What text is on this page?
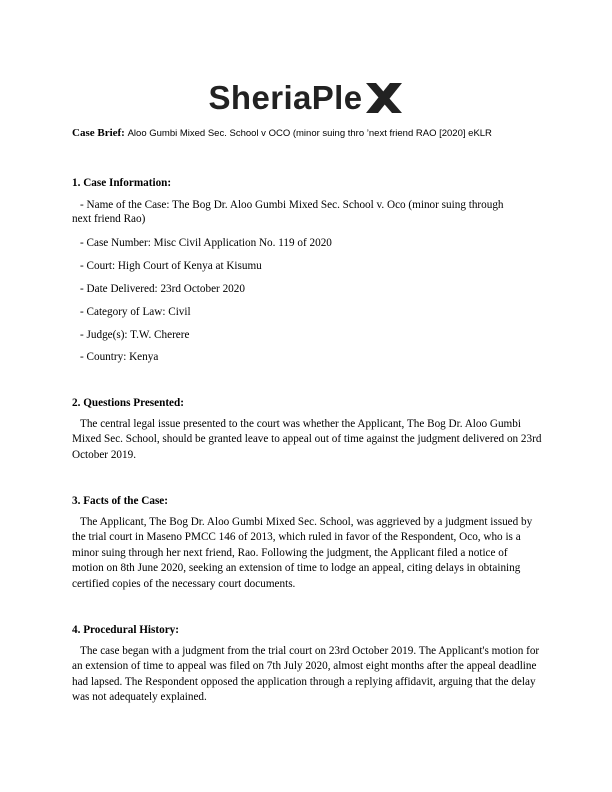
SheriaPle
Case Brief: Aloo Gumbi Mixed Sec. School v OCO (minor suing thro ’next friend RAO [2020] eKLR
1. Case Information:

- Name of the Case: The Bog Dr. Aloo Gumbi Mixed Sec. School v. Oco (minor suing through

next friend Rao)

- Case Number: Misc Civil Application No. 119 of 2020

- Court: High Court of Kenya at Kisumu

- Date Delivered: 23rd October 2020

- Category of Law: Civil

- Judge(s): T.W. Cherere

- Country: Kenya

2. Questions Presented:

The central legal issue presented to the court was whether the Applicant, The Bog Dr. Aloo Gumbi Mixed Sec. School, should be granted leave to appeal out of time against the judgment delivered on 23rd October 2019.

3. Facts of the Case:

The Applicant, The Bog Dr. Aloo Gumbi Mixed Sec. School, was aggrieved by a judgment issued by the trial court in Maseno PMCC 146 of 2013, which ruled in favor of the Respondent, Oco, who is a minor suing through her next friend, Rao. Following the judgment, the Applicant filed a notice of motion on 8th June 2020, seeking an extension of time to lodge an appeal, citing delays in obtaining certified copies of the necessary court documents.

4. Procedural History:

The case began with a judgment from the trial court on 23rd October 2019. The Applicant's motion for an extension of time to appeal was filed on 7th July 2020, almost eight months after the appeal deadline had lapsed. The Respondent opposed the application through a replying affidavit, arguing that the delay was not adequately explained.
